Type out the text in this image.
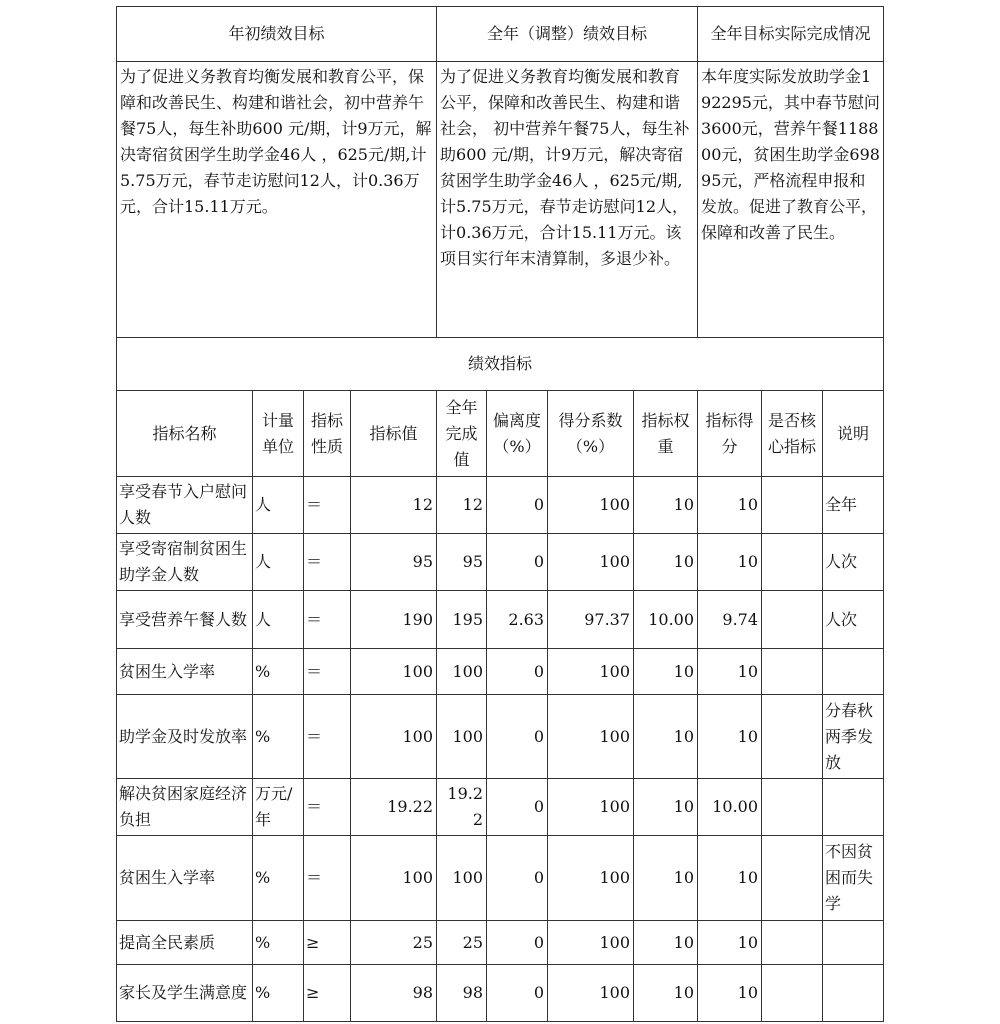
年初绩效目标				全年（调整）绩效目标				全年目标实际完成情况		
为了促进义务教育均衡发展和教育公平，保障和改善民生、构建和谐社会，初中营养午餐75人，每生补助600 元/期，计9万元，解决寄宿贫困学生助学金46人 ，625元/期,计5.75万元，春节走访慰问12人，计0.36万元，合计15.11万元。				为了促进义务教育均衡发展和教育公平，保障和改善民生、构建和谐社会， 初中营养午餐75人，每生补助600 元/期，计9万元，解决寄宿贫困学生助学金46人 ，625元/期,计5.75万元，春节走访慰问12人，计0.36万元，合计15.11万元。该项目实行年末清算制，多退少补。				本年度实际发放助学金192295元，其中春节慰问3600元，营养午餐118800元，贫困生助学金69895元，严格流程申报和发放。促进了教育公平，保障和改善了民生。		
绩效指标										
指标名称	计量单位	指标性质	指标值	全年完成值	偏离度（%）	得分系数（%）	指标权重	指标得分	是否核心指标	说明
享受春节入户慰问人数	人	＝	12	12	0	100	10	10		全年
享受寄宿制贫困生助学金人数	人	＝	95	95	0	100	10	10		人次
享受营养午餐人数	人	＝	190	195	2.63	97.37	10.00	9.74		人次
贫困生入学率	%	＝	100	100	0	100	10	10		
助学金及时发放率	%	＝	100	100	0	100	10	10		分春秋两季发放
解决贫困家庭经济负担	万元/年	＝	19.22	19.22	0	100	10	10.00		
贫困生入学率	%	＝	100	100	0	100	10	10		不因贫困而失学
提高全民素质	%	≥	25	25	0	100	10	10		
家长及学生满意度	%	≥	98	98	0	100	10	10		
